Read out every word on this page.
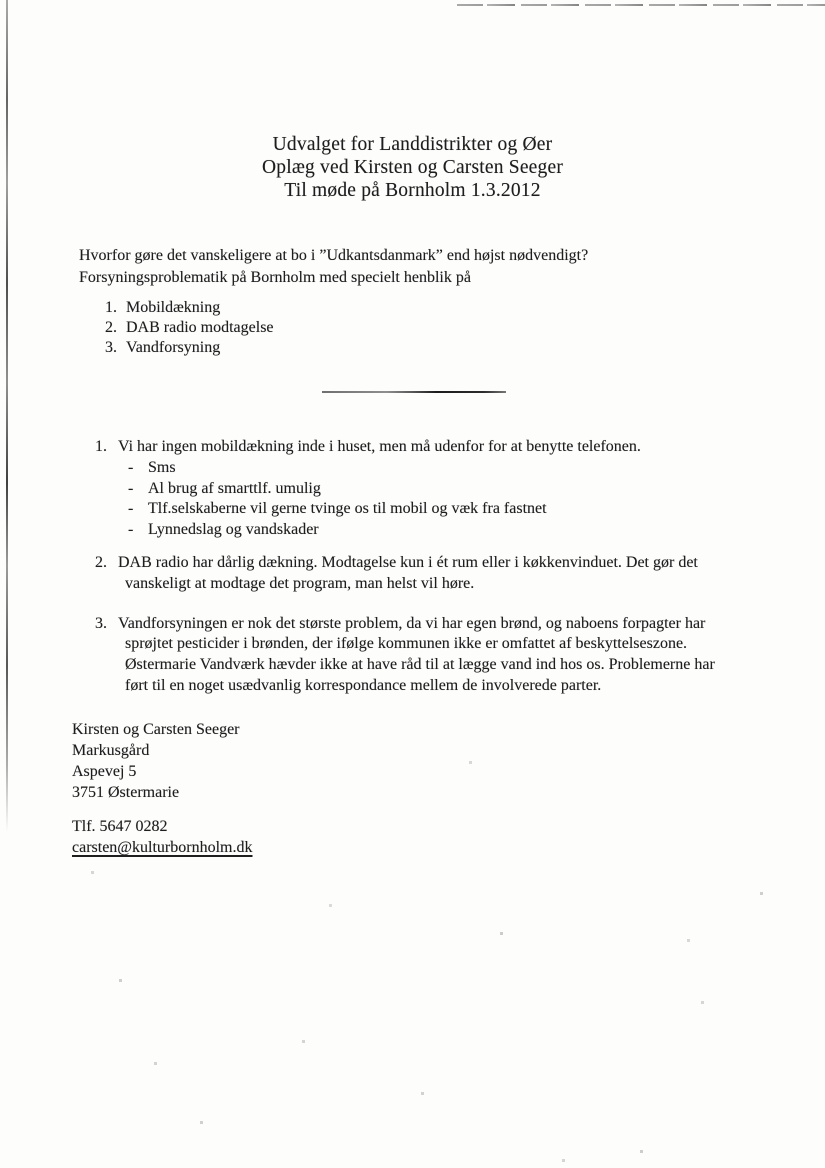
Udvalget for Landdistrikter og Øer
Oplæg ved Kirsten og Carsten Seeger
Til møde på Bornholm 1.3.2012
Hvorfor gøre det vanskeligere at bo i ”Udkantsdanmark” end højst nødvendigt?
Forsyningsproblematik på Bornholm med specielt henblik på
1. Mobildækning
2. DAB radio modtagelse
3. Vandforsyning
1. Vi har ingen mobildækning inde i huset, men må udenfor for at benytte telefonen.
- Sms
- Al brug af smarttlf. umulig
- Tlf.selskaberne vil gerne tvinge os til mobil og væk fra fastnet
- Lynnedslag og vandskader
2. DAB radio har dårlig dækning. Modtagelse kun i ét rum eller i køkkenvinduet. Det gør det
vanskeligt at modtage det program, man helst vil høre.
3. Vandforsyningen er nok det største problem, da vi har egen brønd, og naboens forpagter har
sprøjtet pesticider i brønden, der ifølge kommunen ikke er omfattet af beskyttelseszone.
Østermarie Vandværk hævder ikke at have råd til at lægge vand ind hos os. Problemerne har
ført til en noget usædvanlig korrespondance mellem de involverede parter.
Kirsten og Carsten Seeger
Markusgård
Aspevej 5
3751 Østermarie
Tlf. 5647 0282
carsten@kulturbornholm.dk
